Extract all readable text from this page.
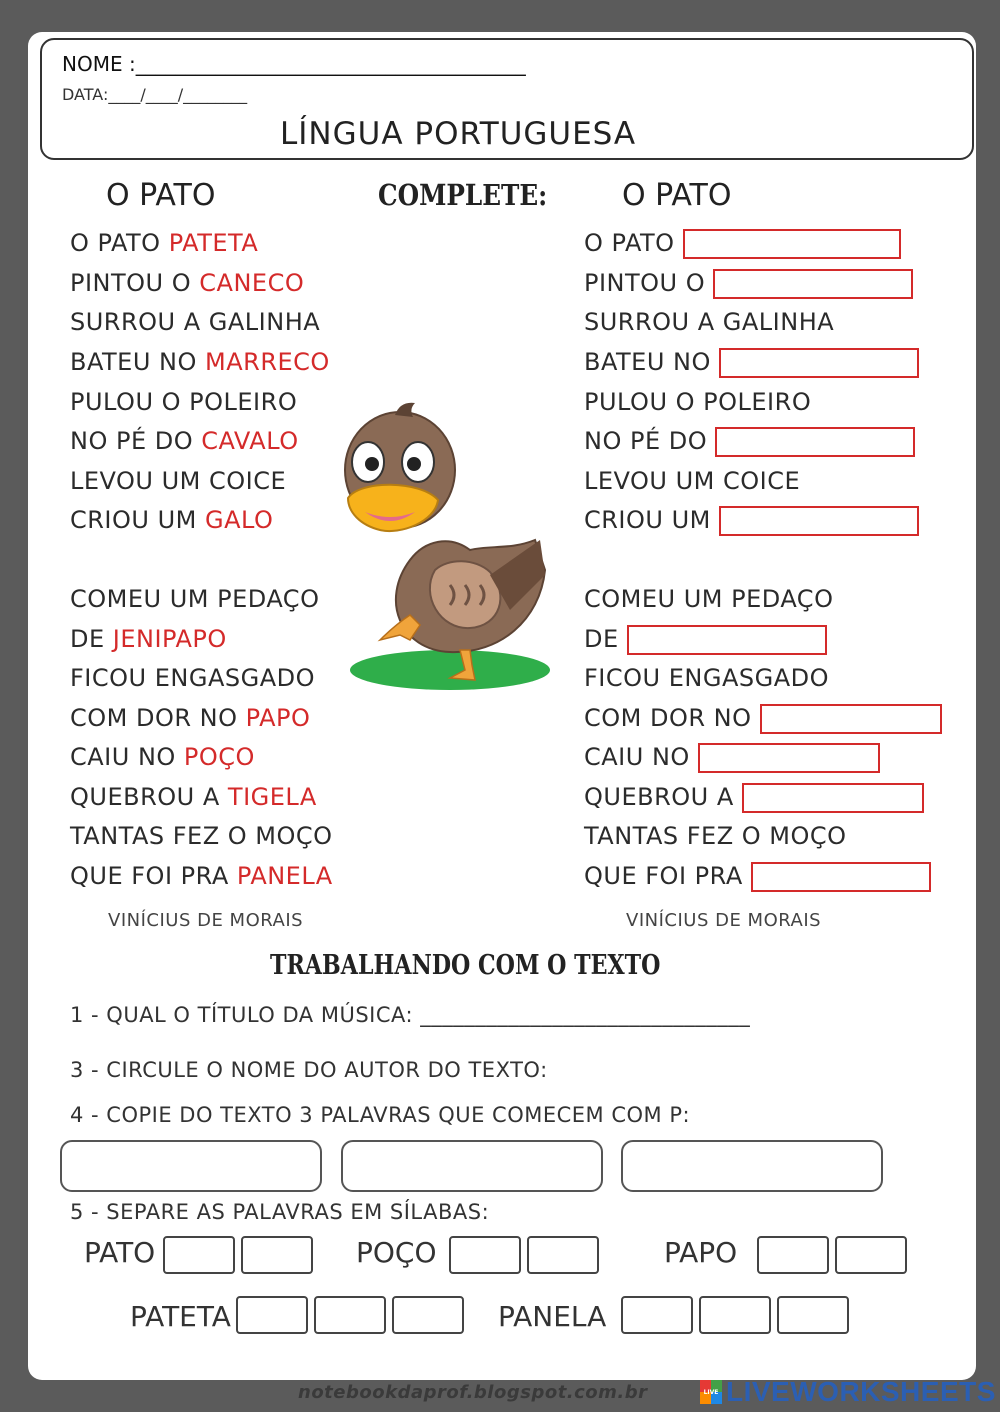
NOME :_______________________________________
DATA:____/____/________
LÍNGUA PORTUGUESA
O PATO	COMPLETE: O PATO
O PATO PATETA
PINTOU O CANECO
SURROU A GALINHA
BATEU NO MARRECO
PULOU O POLEIRO
NO PÉ DO CAVALO
LEVOU UM COICE
CRIOU UM GALO
COMEU UM PEDAÇO
DE JENIPAPO
FICOU ENGASGADO
COM DOR NO PAPO
CAIU NO POÇO
QUEBROU A TIGELA
TANTAS FEZ O MOÇO
QUE FOI PRA PANELA
VINÍCIUS DE MORAIS
O PATO
PINTOU O
SURROU A GALINHA
BATEU NO
PULOU O POLEIRO
NO PÉ DO
LEVOU UM COICE
CRIOU UM
COMEU UM PEDAÇO
DE
FICOU ENGASGADO
COM DOR NO
CAIU NO
QUEBROU A
TANTAS FEZ O MOÇO
QUE FOI PRA
VINÍCIUS DE MORAIS
TRABALHANDO COM O TEXTO
1 - QUAL O TÍTULO DA MÚSICA: ______________________________
3 - CIRCULE O NOME DO AUTOR DO TEXTO:
4 - COPIE DO TEXTO 3 PALAVRAS QUE COMECEM COM P:
5 - SEPARE AS PALAVRAS EM SÍLABAS:
PATO	POÇO	PAPO
PATETA	PANELA
notebookdaprof.blogspot.com.br	LIVE LIVEWORKSHEETS
